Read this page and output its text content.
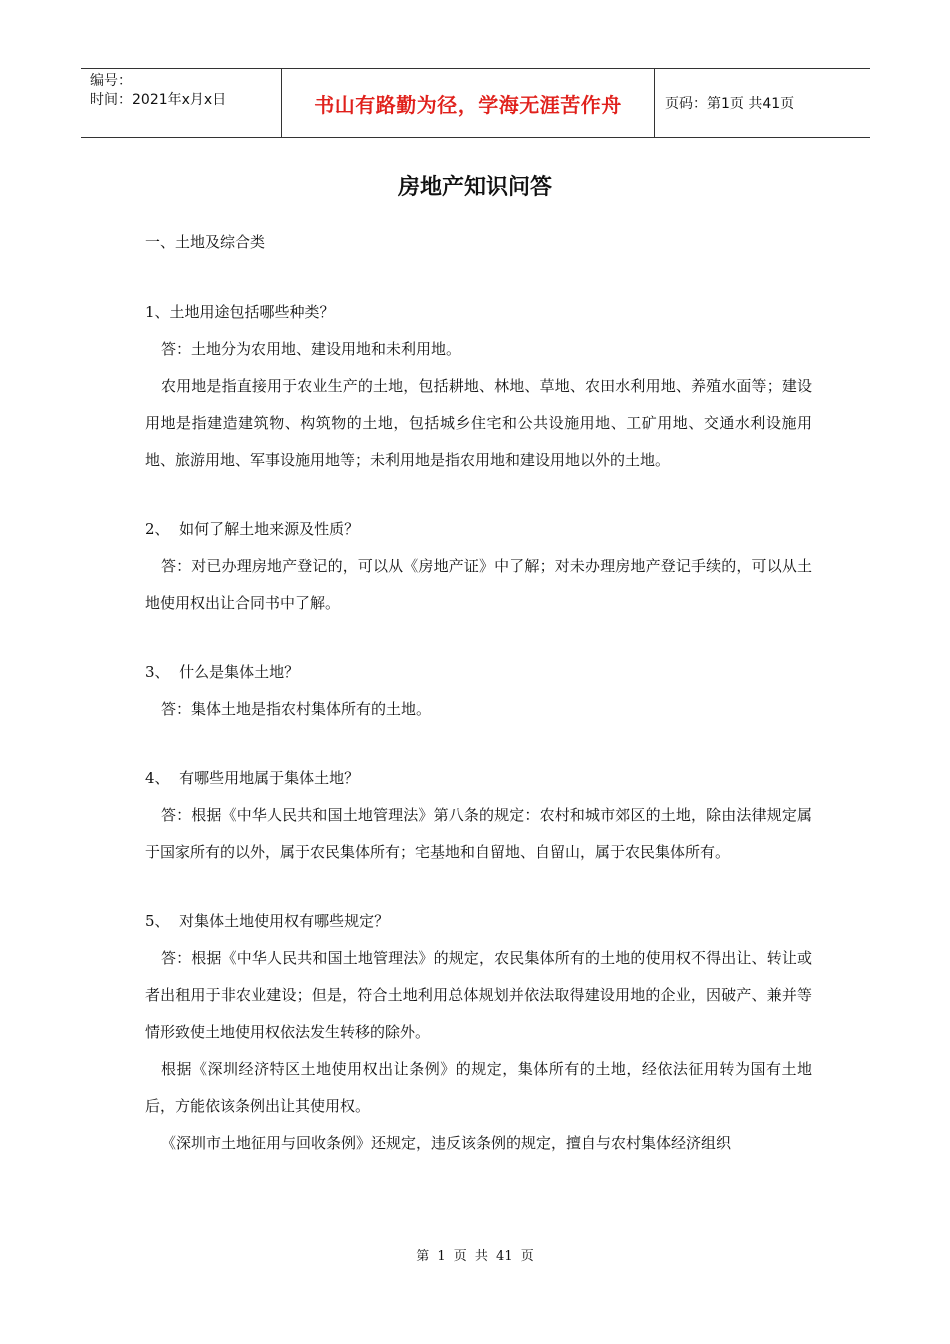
编号：
时间：2021年x月x日	书山有路勤为径，学海无涯苦作舟	页码：第1页 共41页
房地产知识问答
一、土地及综合类
1、土地用途包括哪些种类？
答：土地分为农用地、建设用地和未利用地。
农用地是指直接用于农业生产的土地，包括耕地、林地、草地、农田水利用地、养殖水面等；建设用地是指建造建筑物、构筑物的土地，包括城乡住宅和公共设施用地、工矿用地、交通水利设施用地、旅游用地、军事设施用地等；未利用地是指农用地和建设用地以外的土地。
2、  如何了解土地来源及性质？
答：对已办理房地产登记的，可以从《房地产证》中了解；对未办理房地产登记手续的，可以从土地使用权出让合同书中了解。
3、  什么是集体土地？
答：集体土地是指农村集体所有的土地。
4、  有哪些用地属于集体土地？
答：根据《中华人民共和国土地管理法》第八条的规定：农村和城市郊区的土地，除由法律规定属于国家所有的以外，属于农民集体所有；宅基地和自留地、自留山，属于农民集体所有。
5、  对集体土地使用权有哪些规定？
答：根据《中华人民共和国土地管理法》的规定，农民集体所有的土地的使用权不得出让、转让或者出租用于非农业建设；但是，符合土地利用总体规划并依法取得建设用地的企业，因破产、兼并等情形致使土地使用权依法发生转移的除外。
根据《深圳经济特区土地使用权出让条例》的规定，集体所有的土地，经依法征用转为国有土地后，方能依该条例出让其使用权。
《深圳市土地征用与回收条例》还规定，违反该条例的规定，擅自与农村集体经济组织
第 1 页 共 41 页
